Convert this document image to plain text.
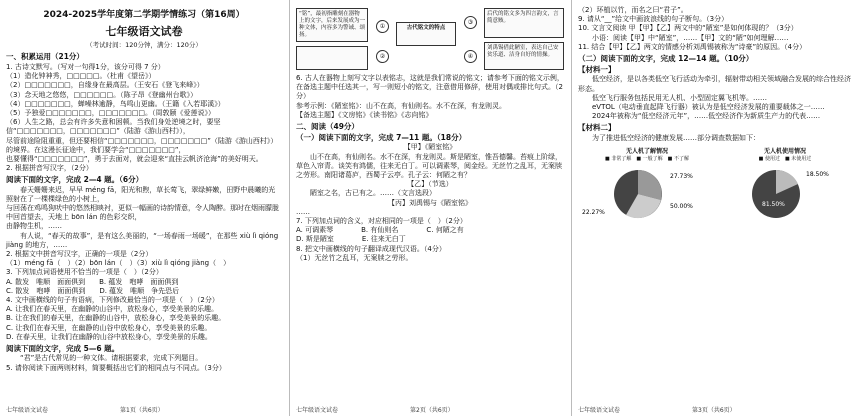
2024-2025学年度第二学期学情练习（第16周）
七年级语文试卷
（考试时间：120分钟，满分：120分）
一、积累运用（21分）

1. 古诗文默写。（写对一句得1分，该分可得 7 分）

（1）造化钟神秀，□□□□□。（杜甫《望岳》）

（2）□□□□□□□，自缘身在最高层。（王安石《登飞来峰》）

（3）念天地之悠悠，□□□□□□。（陈子昂《登幽州台歌》）

（4）□□□□□□□，蝉噪林逾静，鸟鸣山更幽。（王籍《入若耶溪》）

（5）予独爱□□□□□□□，□□□□□□□。（周敦颐《爱莲说》）

（6）人生之路，总会有许多失意和困顿。当我们身处逆境之时，要坚信“□□□□□□□，□□□□□□□”（陆游《游山西村》），

尽管前途险阻重重，但还要相信“□□□□□□□，□□□□□□□”（陆游《游山西村》）的境界。在这漫长征途中，我们要学会“□□□□□□□”，

也要懂得“□□□□□□□”，勇于去面对，就会迎来“直挂云帆济沧海”的美好明天。

2. 根据拼音写汉字，（2分）

阅读下面的文字，完成 2—4 题。（6分）

　　春天姗姗来迟，早早 méng fā，阳光和煦，草长莺飞，翠绿鲜嫩，田野中晨曦的光照射在了一棵棵绿色的小树上，

与回荡在鸡鸣狗吠中的悠然相映衬，更似一幅画的诗韵情意，令人陶醉。那时在烟雨朦胧中回首望去，天地上 bōn lán 的色彩交织，

由静物生机，……

　　有人说，“春天的故事”，是有这么美丽的，“一场春雨一场暖”，在那些 xiù lì qióng jiàng 的地方，……

2. 根据文中拼音写汉字，正确的一项是（2分）

（1）méng fā（　）（2）bōn lán（　）（3）xiù lì qióng jiàng（　）

3. 下列加点词语使用不恰当的一项是（　）（2分）

A. 散发　唯顺　面面俱到　　B. 蕴发　咆哮　面面俱到

C. 散发　咆哮　面面俱到　　D. 蕴发　唯顺　争先恐后

4. 文中画横线的句子有语病，下列修改最恰当的一项是（　）（2分）

A. 让我们在春天里，在幽静的山谷中，放松身心，享受美景的乐趣。

B. 让在我们的春天里，在幽静的山谷中，放松身心，享受美景的乐趣。

C. 让我们在春天里，在幽静的山谷中放松身心，享受美景的乐趣。

D. 在春天里，让我们在幽静的山谷中放松身心，享受美景的乐趣。

阅读下面的文字，完成 5—6 题。

　　“君”是古代常见的一种文体。请根据要求，完成下列题目。

5. 请你阅读下面两则材料，简要概括出它们的相同点与不同点。（3分）

七年级语文试卷　　　　　　　　　　　　第1页（共6页）
“铭”，最初指雕刻在器物上的文字，后来发展成为一种文体，内容多为警诫、颂扬。
古代铭文的特点
后代的铭文多为四言韵文，言简意赅。
刘禹锡借此陋室，表达自己安贫乐道、洁身自好的情操。
①
②
③
④

6. 古人在器物上刻写文字以表铭志，这就是我们常说的铭文；请参考下面的铭文示例，在备选主题中任选其一，写一则短小的铭文，注意借用修辞，使用对偶或排比句式。（2分）

参考示例：《陋室铭》：山不在高，有仙则名。水不在深，有龙则灵。

【备选主题】《文房铭》《读书铭》《志向铭》

二、阅读（49分）

（一）阅读下面的文字，完成 7—11 题。（18分）

【甲】《陋室铭》

　　山不在高，有仙则名。水不在深，有龙则灵。斯是陋室，惟吾德馨。苔痕上阶绿，草色入帘青。谈笑有鸿儒，往来无白丁。可以调素琴，阅金经。无丝竹之乱耳，无案牍之劳形。南阳诸葛庐，西蜀子云亭。孔子云：何陋之有？

【乙】（节选）

　　陋室之名，古已有之。……（文言选段）

【丙】刘禹锡与《陋室铭》

……

7. 下列加点词的含义，对应相同的一项是（　）（2分）

A. 可调素琴　　　　B. 有仙则名　　　　C. 何陋之有

D. 斯是陋室　　　　E. 往来无白丁

8. 把文中画横线的句子翻译成现代汉语。（4分）

（1）无丝竹之乱耳，无案牍之劳形。

七年级语文试卷　　　　　　　　　　　　第2页（共6页）

（2）环植以竹，而名之曰“君子”。

9. 请从“__”给文中画波浪线的句子断句。（3分）

10. 文言文阅读 甲【甲】【乙】两文中的“陋室”是如何体现的？（3分）

　　小语：阅读【甲】中“陋室”，……【甲】文的“陋”如何理解……

11. 结合【甲】【乙】两文的情感分析刘禹锡被称为“诗豪”的原因。（4分）

（二）阅读下面的文字，完成 12—14 题。（10分）

【材料一】

　　低空经济，是以各类低空飞行活动为牵引，辐射带动相关领域融合发展的综合性经济形态。

　　低空飞行服务包括民用无人机、小型固定翼飞机等。……

　　eVTOL（电动垂直起降飞行器）被认为是低空经济发展的重要载体之一……

　　2024年被称为“低空经济元年”，……低空经济作为新质生产力的代表……

【材料二】

　　为了推进低空经济的健康发展……部分调查数据如下：

无人机了解情况
■ 非常了解　■ 一般了解　■ 不了解
27.73%
50.00%
22.27%
无人机使用情况
■ 使用过　■ 未使用过
18.50%
81.50%
七年级语文试卷　　　　　　　　　　　　第3页（共6页）
